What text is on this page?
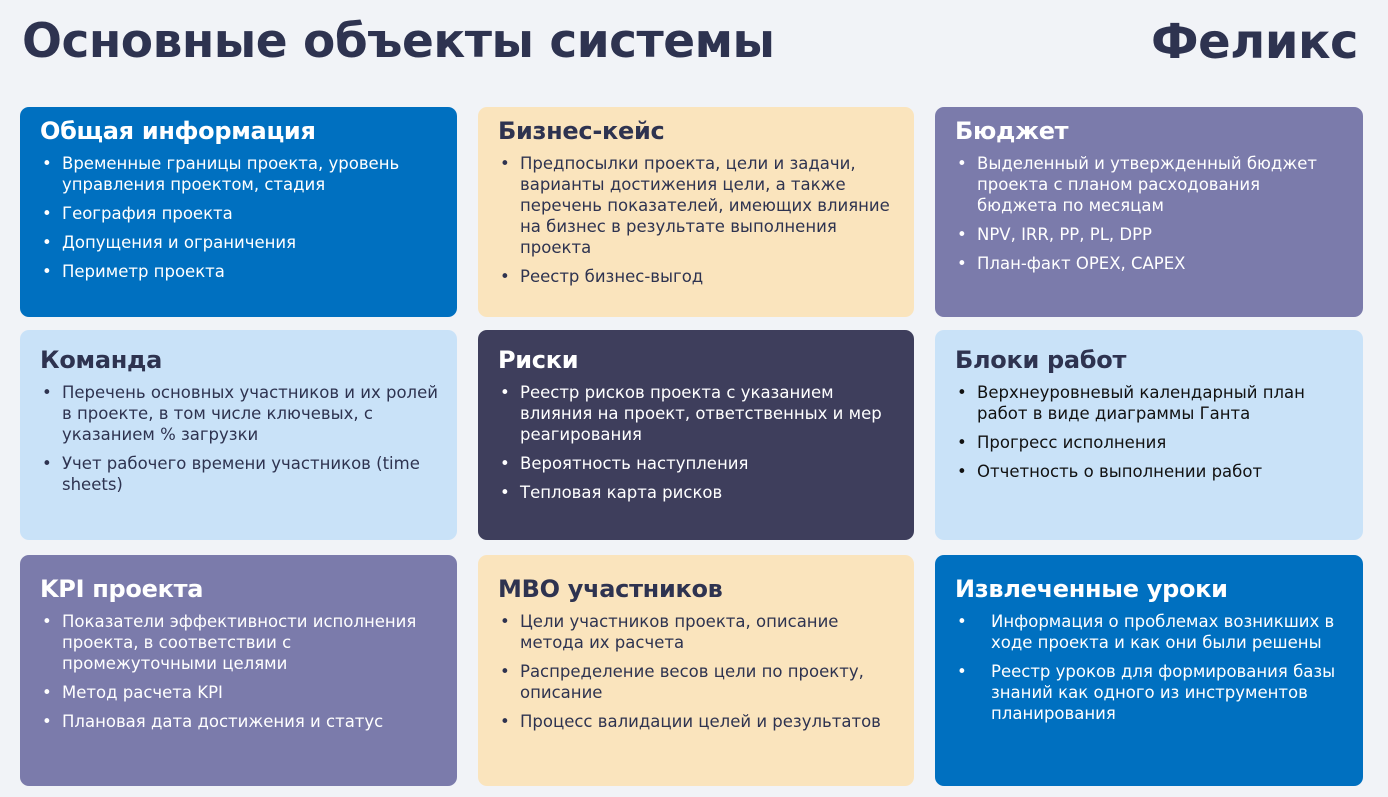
Основные объекты системы	Феликс
Общая информация
• Временные границы проекта, уровень управления проектом, стадия
• География проекта
• Допущения и ограничения
• Периметр проекта
Бизнес-кейс
• Предпосылки проекта, цели и задачи, варианты достижения цели, а также перечень показателей, имеющих влияние на бизнес в результате выполнения проекта
• Реестр бизнес-выгод
Бюджет
• Выделенный и утвержденный бюджет проекта с планом расходования бюджета по месяцам
• NPV, IRR, PP, PL, DPP
• План-факт OPEX, CAPEX
Команда
• Перечень основных участников и их ролей в проекте, в том числе ключевых, с указанием % загрузки
• Учет рабочего времени участников (time sheets)
Риски
• Реестр рисков проекта с указанием влияния на проект, ответственных и мер реагирования
• Вероятность наступления
• Тепловая карта рисков
Блоки работ
• Верхнеуровневый календарный план работ в виде диаграммы Ганта
• Прогресс исполнения
• Отчетность о выполнении работ
KPI проекта
• Показатели эффективности исполнения проекта, в соответствии с промежуточными целями
• Метод расчета KPI
• Плановая дата достижения и статус
MBO участников
• Цели участников проекта, описание метода их расчета
• Распределение весов цели по проекту, описание
• Процесс валидации целей и результатов
Извлеченные уроки
• Информация о проблемах возникших в ходе проекта и как они были решены
• Реестр уроков для формирования базы знаний как одного из инструментов планирования
